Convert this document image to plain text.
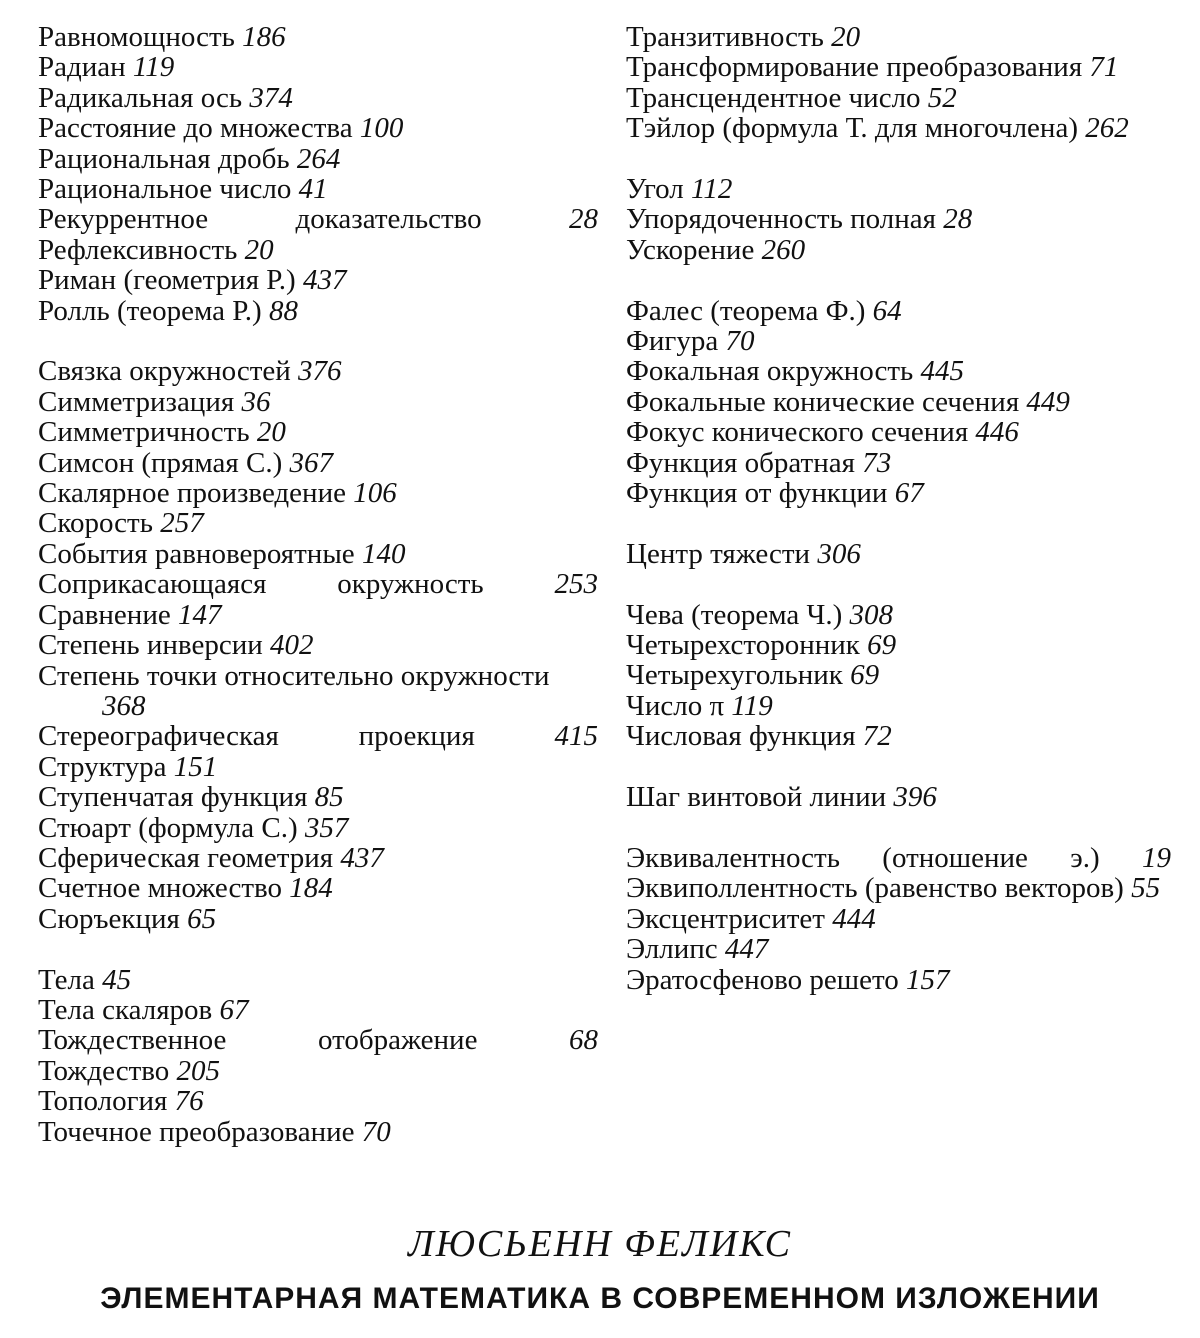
Равномощность 186
Радиан 119
Радикальная ось 374
Расстояние до множества 100
Рациональная дробь 264
Рациональное число 41
Рекуррентное доказательство	28
Рефлексивность 20
Риман (геометрия Р.) 437
Ролль (теорема Р.) 88
Связка окружностей 376
Симметризация 36
Симметричность 20
Симсон (прямая С.) 367
Скалярное произведение 106
Скорость 257
События равновероятные 140
Соприкасающаяся окружность 253
Сравнение 147
Степень инверсии 402
Степень точки относительно окружности 368
Стереографическая проекция	415
Структура 151
Ступенчатая функция 85
Стюарт (формула С.) 357
Сферическая геометрия 437
Счетное множество 184
Сюръекция 65
Тела 45
Тела скаляров 67
Тождественное отображение	68
Тождество 205
Топология 76
Точечное преобразование 70
Транзитивность 20
Трансформирование преобразования 71
Трансцендентное число 52
Тэйлор (формула Т. для многочлена) 262
Угол 112
Упорядоченность полная 28
Ускорение 260
Фалес (теорема Ф.) 64
Фигура 70
Фокальная окружность 445
Фокальные конические сечения 449
Фокус конического сечения 446
Функция обратная 73
Функция от функции 67
Центр тяжести 306
Чева (теорема Ч.) 308
Четырехсторонник 69
Четырехугольник 69
Число π 119
Числовая функция 72
Шаг винтовой линии 396
Эквивалентность (отношение э.) 19
Эквиполлентность (равенство векторов) 55
Эксцентриситет 444
Эллипс 447
Эратосфеново решето 157
ЛЮСЬЕНН ФЕЛИКС
ЭЛЕМЕНТАРНАЯ МАТЕМАТИКА В СОВРЕМЕННОМ ИЗЛОЖЕНИИ
